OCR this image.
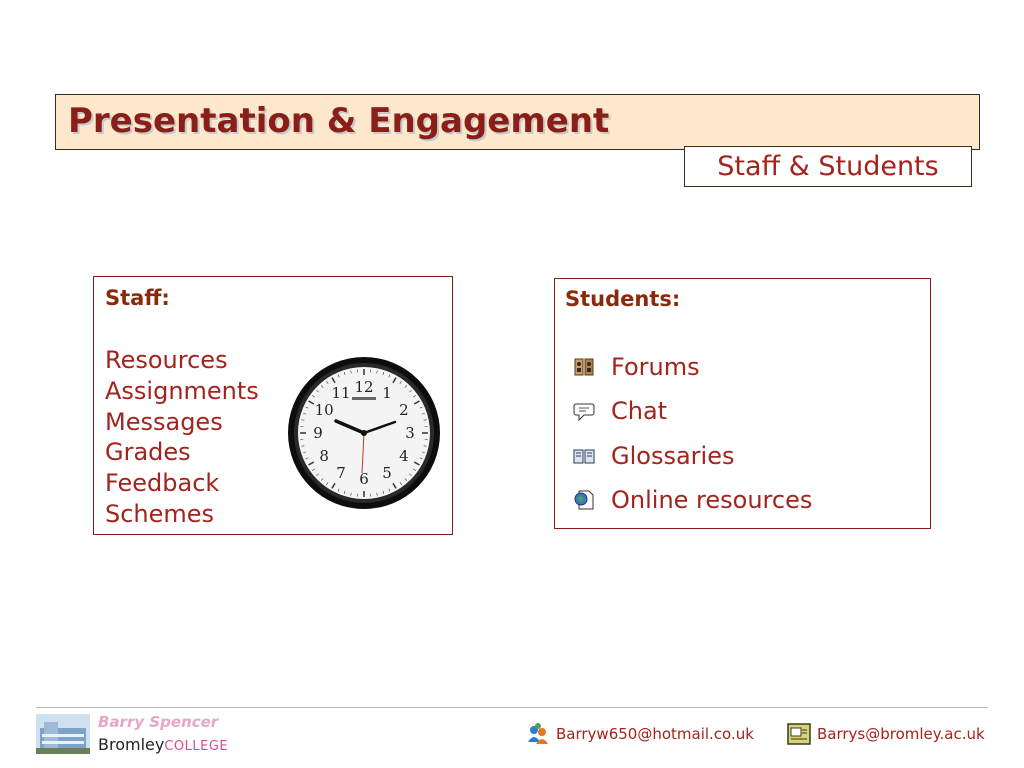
Presentation & Engagement
Staff & Students
Staff:
Resources
Assignments
Messages
Grades
Feedback
Schemes
12 1
2
3
4
5
6
7
8
9
10
11
Students:
Forums
Chat
Glossaries
Online resources
Barry Spencer
BromleyCOLLEGE
Barryw650@hotmail.co.uk	Barrys@bromley.ac.uk
